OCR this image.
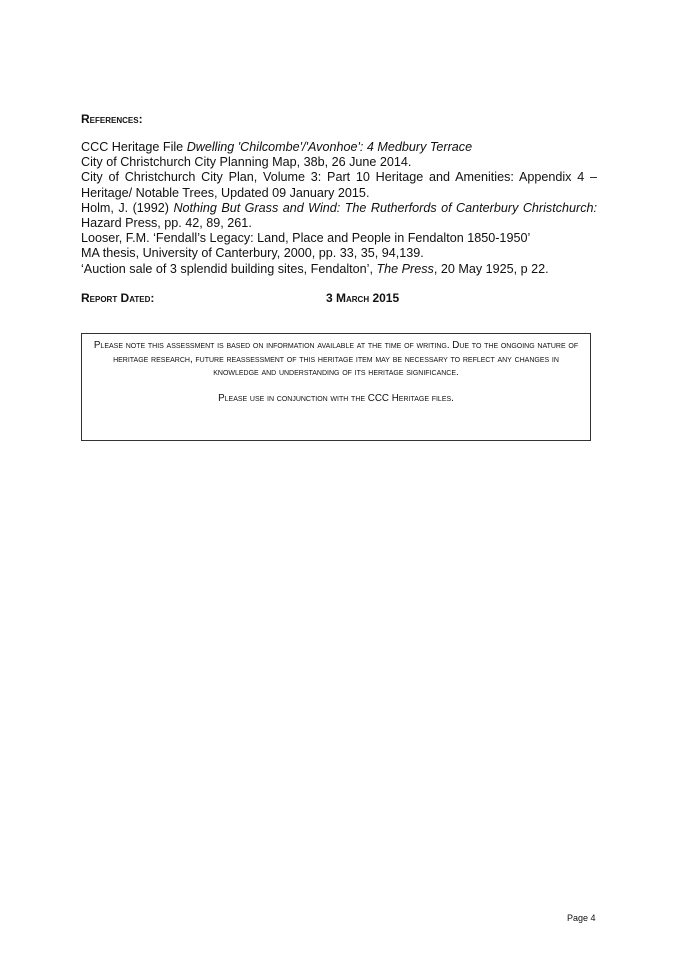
References:
CCC Heritage File Dwelling 'Chilcombe'/'Avonhoe': 4 Medbury Terrace
City of Christchurch City Planning Map, 38b, 26 June 2014.
City of Christchurch City Plan, Volume 3: Part 10 Heritage and Amenities: Appendix 4 – Heritage/ Notable Trees, Updated 09 January 2015.
Holm, J. (1992) Nothing But Grass and Wind: The Rutherfords of Canterbury Christchurch: Hazard Press, pp. 42, 89, 261.
Looser, F.M. ‘Fendall’s Legacy: Land, Place and People in Fendalton 1850-1950’
MA thesis, University of Canterbury, 2000, pp. 33, 35, 94,139.
‘Auction sale of 3 splendid building sites, Fendalton’, The Press, 20 May 1925, p 22.
Report Dated:	3 March 2015
Please note this assessment is based on information available at the time of writing. Due to the ongoing nature of heritage research, future reassessment of this heritage item may be necessary to reflect any changes in knowledge and understanding of its heritage significance.
Please use in conjunction with the CCC Heritage files.
Page 4
